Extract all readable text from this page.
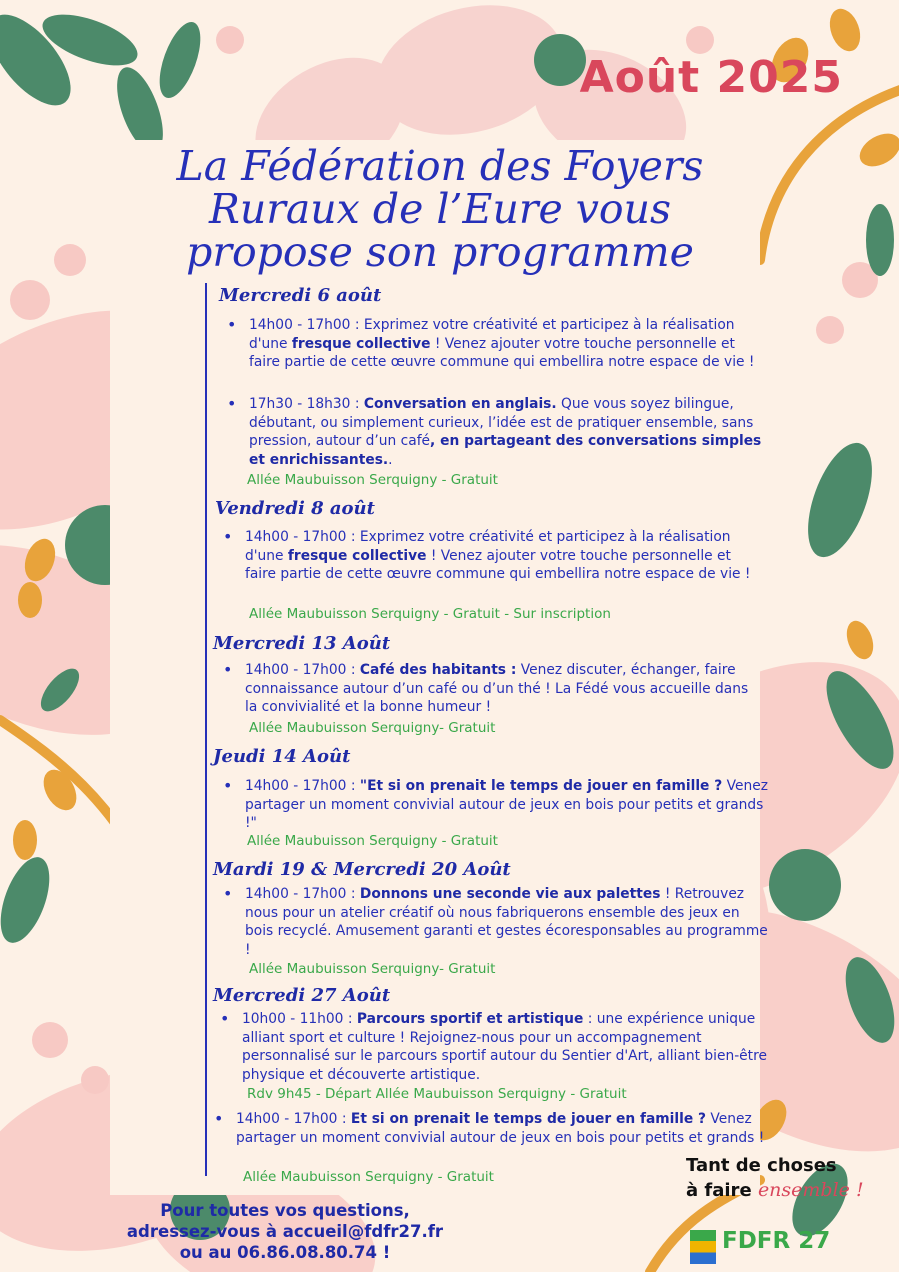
Août 2025
La Fédération des Foyers Ruraux de l’Eure vous propose son programme

Mercredi 6 août

• 14h00 - 17h00 : Exprimez votre créativité et participez à la réalisation d'une fresque collective ! Venez ajouter votre touche personnelle et faire partie de cette œuvre commune qui embellira notre espace de vie !

• 17h30 - 18h30 : Conversation en anglais. Que vous soyez bilingue, débutant, ou simplement curieux, l’idée est de pratiquer ensemble, sans pression, autour d’un café, en partageant des conversations simples et enrichissantes..

Allée Maubuisson Serquigny - Gratuit

Vendredi 8 août

• 14h00 - 17h00 : Exprimez votre créativité et participez à la réalisation d'une fresque collective ! Venez ajouter votre touche personnelle et faire partie de cette œuvre commune qui embellira notre espace de vie !

Allée Maubuisson Serquigny - Gratuit - Sur inscription

Mercredi 13 Août

• 14h00 - 17h00 : Café des habitants : Venez discuter, échanger, faire connaissance autour d’un café ou d’un thé ! La Fédé vous accueille dans la convivialité et la bonne humeur !

Allée Maubuisson Serquigny- Gratuit

Jeudi 14 Août

• 14h00 - 17h00 : "Et si on prenait le temps de jouer en famille ? Venez partager un moment convivial autour de jeux en bois pour petits et grands !"

Allée Maubuisson Serquigny - Gratuit

Mardi 19 & Mercredi 20 Août

• 14h00 - 17h00 : Donnons une seconde vie aux palettes ! Retrouvez nous pour un atelier créatif où nous fabriquerons ensemble des jeux en bois recyclé. Amusement garanti et gestes écoresponsables au programme !

Allée Maubuisson Serquigny- Gratuit

Mercredi 27 Août

• 10h00 - 11h00 : Parcours sportif et artistique : une expérience unique alliant sport et culture ! Rejoignez-nous pour un accompagnement personnalisé sur le parcours sportif autour du Sentier d'Art, alliant bien-être physique et découverte artistique.

Rdv 9h45 - Départ Allée Maubuisson Serquigny - Gratuit

• 14h00 - 17h00 : Et si on prenait le temps de jouer en famille ? Venez partager un moment convivial autour de jeux en bois pour petits et grands !

Allée Maubuisson Serquigny - Gratuit

Pour toutes vos questions,
adressez-vous à accueil@fdfr27.fr
ou au 06.86.08.80.74 !
Tant de choses
à faire ensemble !
FDFR 27
